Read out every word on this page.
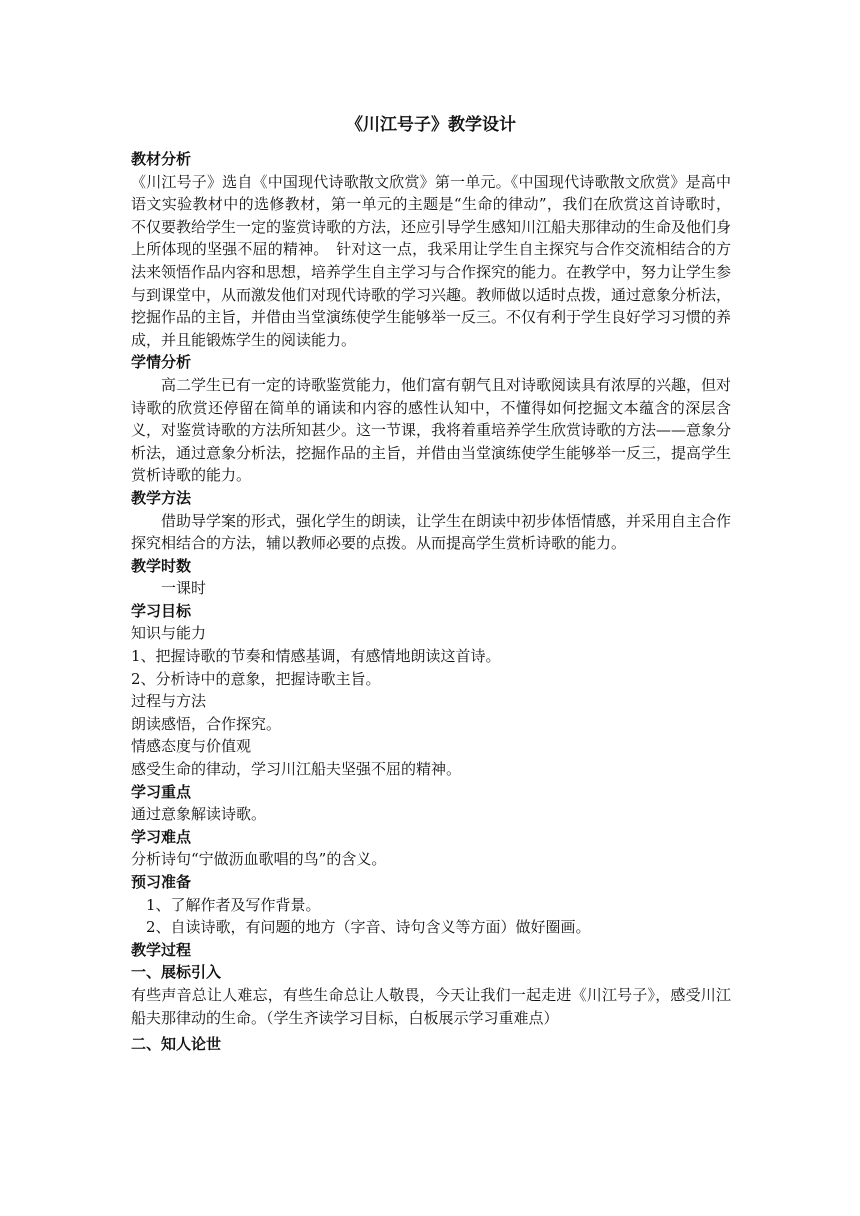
《川江号子》教学设计
教材分析

《川江号子》选自《中国现代诗歌散文欣赏》第一单元。《中国现代诗歌散文欣赏》是高中语文实验教材中的选修教材，第一单元的主题是“生命的律动”，我们在欣赏这首诗歌时，不仅要教给学生一定的鉴赏诗歌的方法，还应引导学生感知川江船夫那律动的生命及他们身上所体现的坚强不屈的精神。　针对这一点，我采用让学生自主探究与合作交流相结合的方法来领悟作品内容和思想，培养学生自主学习与合作探究的能力。在教学中，努力让学生参与到课堂中，从而激发他们对现代诗歌的学习兴趣。教师做以适时点拨，通过意象分析法，挖掘作品的主旨，并借由当堂演练使学生能够举一反三。不仅有利于学生良好学习习惯的养成，并且能锻炼学生的阅读能力。

学情分析

高二学生已有一定的诗歌鉴赏能力，他们富有朝气且对诗歌阅读具有浓厚的兴趣，但对诗歌的欣赏还停留在简单的诵读和内容的感性认知中，不懂得如何挖掘文本蕴含的深层含义，对鉴赏诗歌的方法所知甚少。这一节课，我将着重培养学生欣赏诗歌的方法——意象分析法，通过意象分析法，挖掘作品的主旨，并借由当堂演练使学生能够举一反三，提高学生赏析诗歌的能力。

教学方法

借助导学案的形式，强化学生的朗读，让学生在朗读中初步体悟情感，并采用自主合作探究相结合的方法，辅以教师必要的点拨。从而提高学生赏析诗歌的能力。

教学时数

一课时

学习目标

知识与能力

1、把握诗歌的节奏和情感基调，有感情地朗读这首诗。

2、分析诗中的意象，把握诗歌主旨。

过程与方法

朗读感悟，合作探究。

情感态度与价值观

感受生命的律动，学习川江船夫坚强不屈的精神。

学习重点

通过意象解读诗歌。

学习难点

分析诗句“宁做沥血歌唱的鸟”的含义。

预习准备

1、了解作者及写作背景。

2、自读诗歌，有问题的地方（字音、诗句含义等方面）做好圈画。

教学过程
一、展标引入

有些声音总让人难忘，有些生命总让人敬畏，今天让我们一起走进《川江号子》，感受川江船夫那律动的生命。（学生齐读学习目标，白板展示学习重难点）

二、知人论世
